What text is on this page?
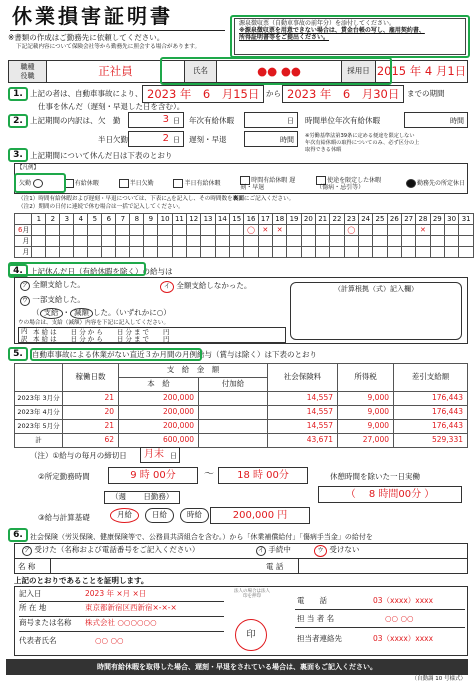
休業損害証明書
※書類の作成はご勤務先に依頼してください。
下記記載内容について保険会社等から勤務先に照会する場合があります。
源泉徴収票（自動車事故の前年分）を添付してください。
※源泉徴収票を用意できない場合は、賃金台帳の写し、雇用契約書、
所得証明書等をご提出ください。
職種
役職	正社員	氏名	●● ●●	採用日	2015 年 4 月1日
1. 上記の者は、自動車事故により、 2023 年　6　月15日 から 2023 年　6　月30日	までの期間
仕事を休んだ（遅刻・早退した日を含む）。
2. 上記期間の内訳は、 欠　勤	3 日 年次有給休暇	日 時間単位年次有給休暇	時間
半日欠勤	2 日 遅刻・早退	時間 ※労働基準法第39条に定める便途を限定しない
年次有給休暇の取得についてのみ、必ず区分の上
取得できる休暇
3. 上記期間について休んだ日は下表のとおり
【凡例】
欠勤	有給休暇	半日欠勤	半日有給休暇	時間有給休暇 遅刻・早退
使途を限定した休暇（傷病・忌引等）
勤務先の所定休日
（注1）時間有給休暇および遅刻・早退については、下表に△を記入し、その時間数を裏面にご記入ください。
（注2）期間の日付に連続で休む場合は一括で記入してください。
	1	2	3	4	5	6	7	8	9	10	11	12	13	14	15	16	17	18	19	20	21	22	23	24	25	26	27	28	29	30	31
6月																◯	✕	✕					◯					✕			
月																															
月																															
4. 上記休んだ日（有給休暇を除く）の給与は
ア 全額支給した。	イ 全額支給しなかった。
ウ 一部支給した。
（ 支給 ・ 減額 した。（いずれかに○）
ウの場合は、支給（減額）内容を下記に記入してください。
（計算根拠（式）記入欄）
内
訳
本 給 は 日 分 か ら 日 分 ま で 円
本 給 は 日 分 か ら 日 分 ま で 円
5.	自動車事故による休業がない直近３か月間の月例給与（賞与は除く）は下表のとおり
	稼働日数	支　給　金　額		社会保険料	所得税	差引支給額
		本　給	付加給			
2023年 3月分	21	200,000		14,557	9,000	176,443
2023年 4月分	20	200,000		14,557	9,000	176,443
2023年 5月分	21	200,000		14,557	9,000	176,443
計	62	600,000		43,671	27,000	529,331
（注）①給与の毎月の締切日 月末 日
②所定勤務時間	9 時 00分	～	18 時 00分
（週 　　日勤務）
休憩時間を除いた一日実働
（ 　8 時間00分 ）
③給与計算基礎	月給	日給	時給	200,000 円
6.	社会保険（労災保険、健康保険等で、公務員共済組合を含む。）から「休業補償給付」「傷病手当金」の給付を
ア 受けた（名称および電話番号をご記入ください）	イ 手続中	ウ 受けない
名 称	電 話
上記のとおりであることを証明します。
記入日	2023 年 ×月 ×日
所 在 地	東京都新宿区西新宿×-×-×
商号または名称 株式会社 ○○○○○○
代表者氏名	○○ ○○
法人の場合は法人印を押印
印
電　　話	03（xxxx）xxxx
担 当 者 名	○○ ○○
担当者連絡先	03（xxxx）xxxx
時間有給休暇を取得した場合、遅刻・早退をされている場合は、裏面もご記入ください。
（自動調 10 号様式）
